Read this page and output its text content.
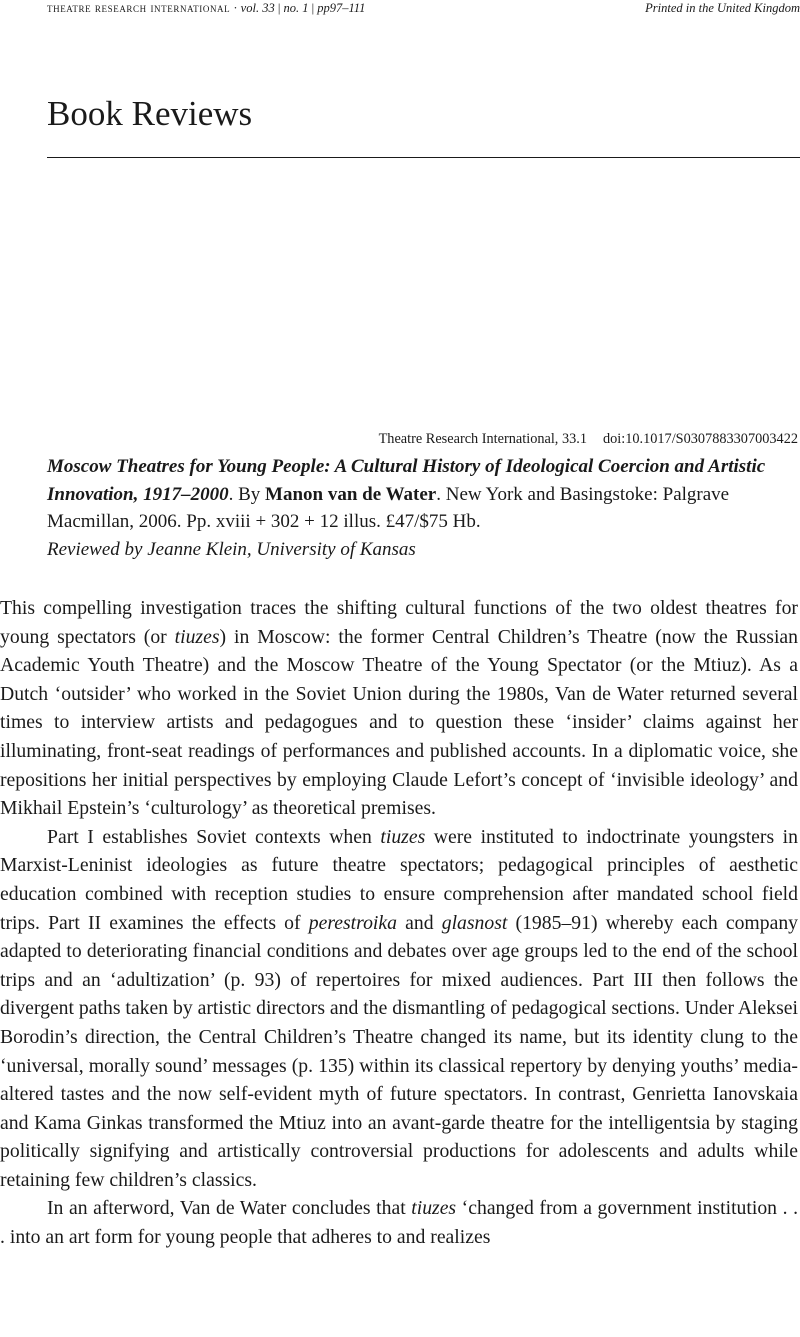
theatre research international · vol. 33 | no. 1 | pp97–111	Printed in the United Kingdom
Book Reviews
Theatre Research International, 33.1 doi:10.1017/S0307883307003422
Moscow Theatres for Young People: A Cultural History of Ideological Coercion and Artistic Innovation, 1917–2000. By Manon van de Water. New York and Basingstoke: Palgrave Macmillan, 2006. Pp. xviii + 302 + 12 illus. £47/$75 Hb.
Reviewed by Jeanne Klein, University of Kansas

This compelling investigation traces the shifting cultural functions of the two oldest theatres for young spectators (or tiuzes) in Moscow: the former Central Children’s Theatre (now the Russian Academic Youth Theatre) and the Moscow Theatre of the Young Spectator (or the Mtiuz). As a Dutch ‘outsider’ who worked in the Soviet Union during the 1980s, Van de Water returned several times to interview artists and pedagogues and to question these ‘insider’ claims against her illuminating, front-seat readings of performances and published accounts. In a diplomatic voice, she repositions her initial perspectives by employing Claude Lefort’s concept of ‘invisible ideology’ and Mikhail Epstein’s ‘culturology’ as theoretical premises.

Part I establishes Soviet contexts when tiuzes were instituted to indoctrinate youngsters in Marxist-Leninist ideologies as future theatre spectators; pedagogical principles of aesthetic education combined with reception studies to ensure comprehension after mandated school field trips. Part II examines the effects of perestroika and glasnost (1985–91) whereby each company adapted to deteriorating financial conditions and debates over age groups led to the end of the school trips and an ‘adultization’ (p. 93) of repertoires for mixed audiences. Part III then follows the divergent paths taken by artistic directors and the dismantling of pedagogical sections. Under Aleksei Borodin’s direction, the Central Children’s Theatre changed its name, but its identity clung to the ‘universal, morally sound’ messages (p. 135) within its classical repertory by denying youths’ media-altered tastes and the now self-evident myth of future spectators. In contrast, Genrietta Ianovskaia and Kama Ginkas transformed the Mtiuz into an avant-garde theatre for the intelligentsia by staging politically signifying and artistically controversial productions for adolescents and adults while retaining few children’s classics.

In an afterword, Van de Water concludes that tiuzes ‘changed from a government institution . . . into an art form for young people that adheres to and realizes
